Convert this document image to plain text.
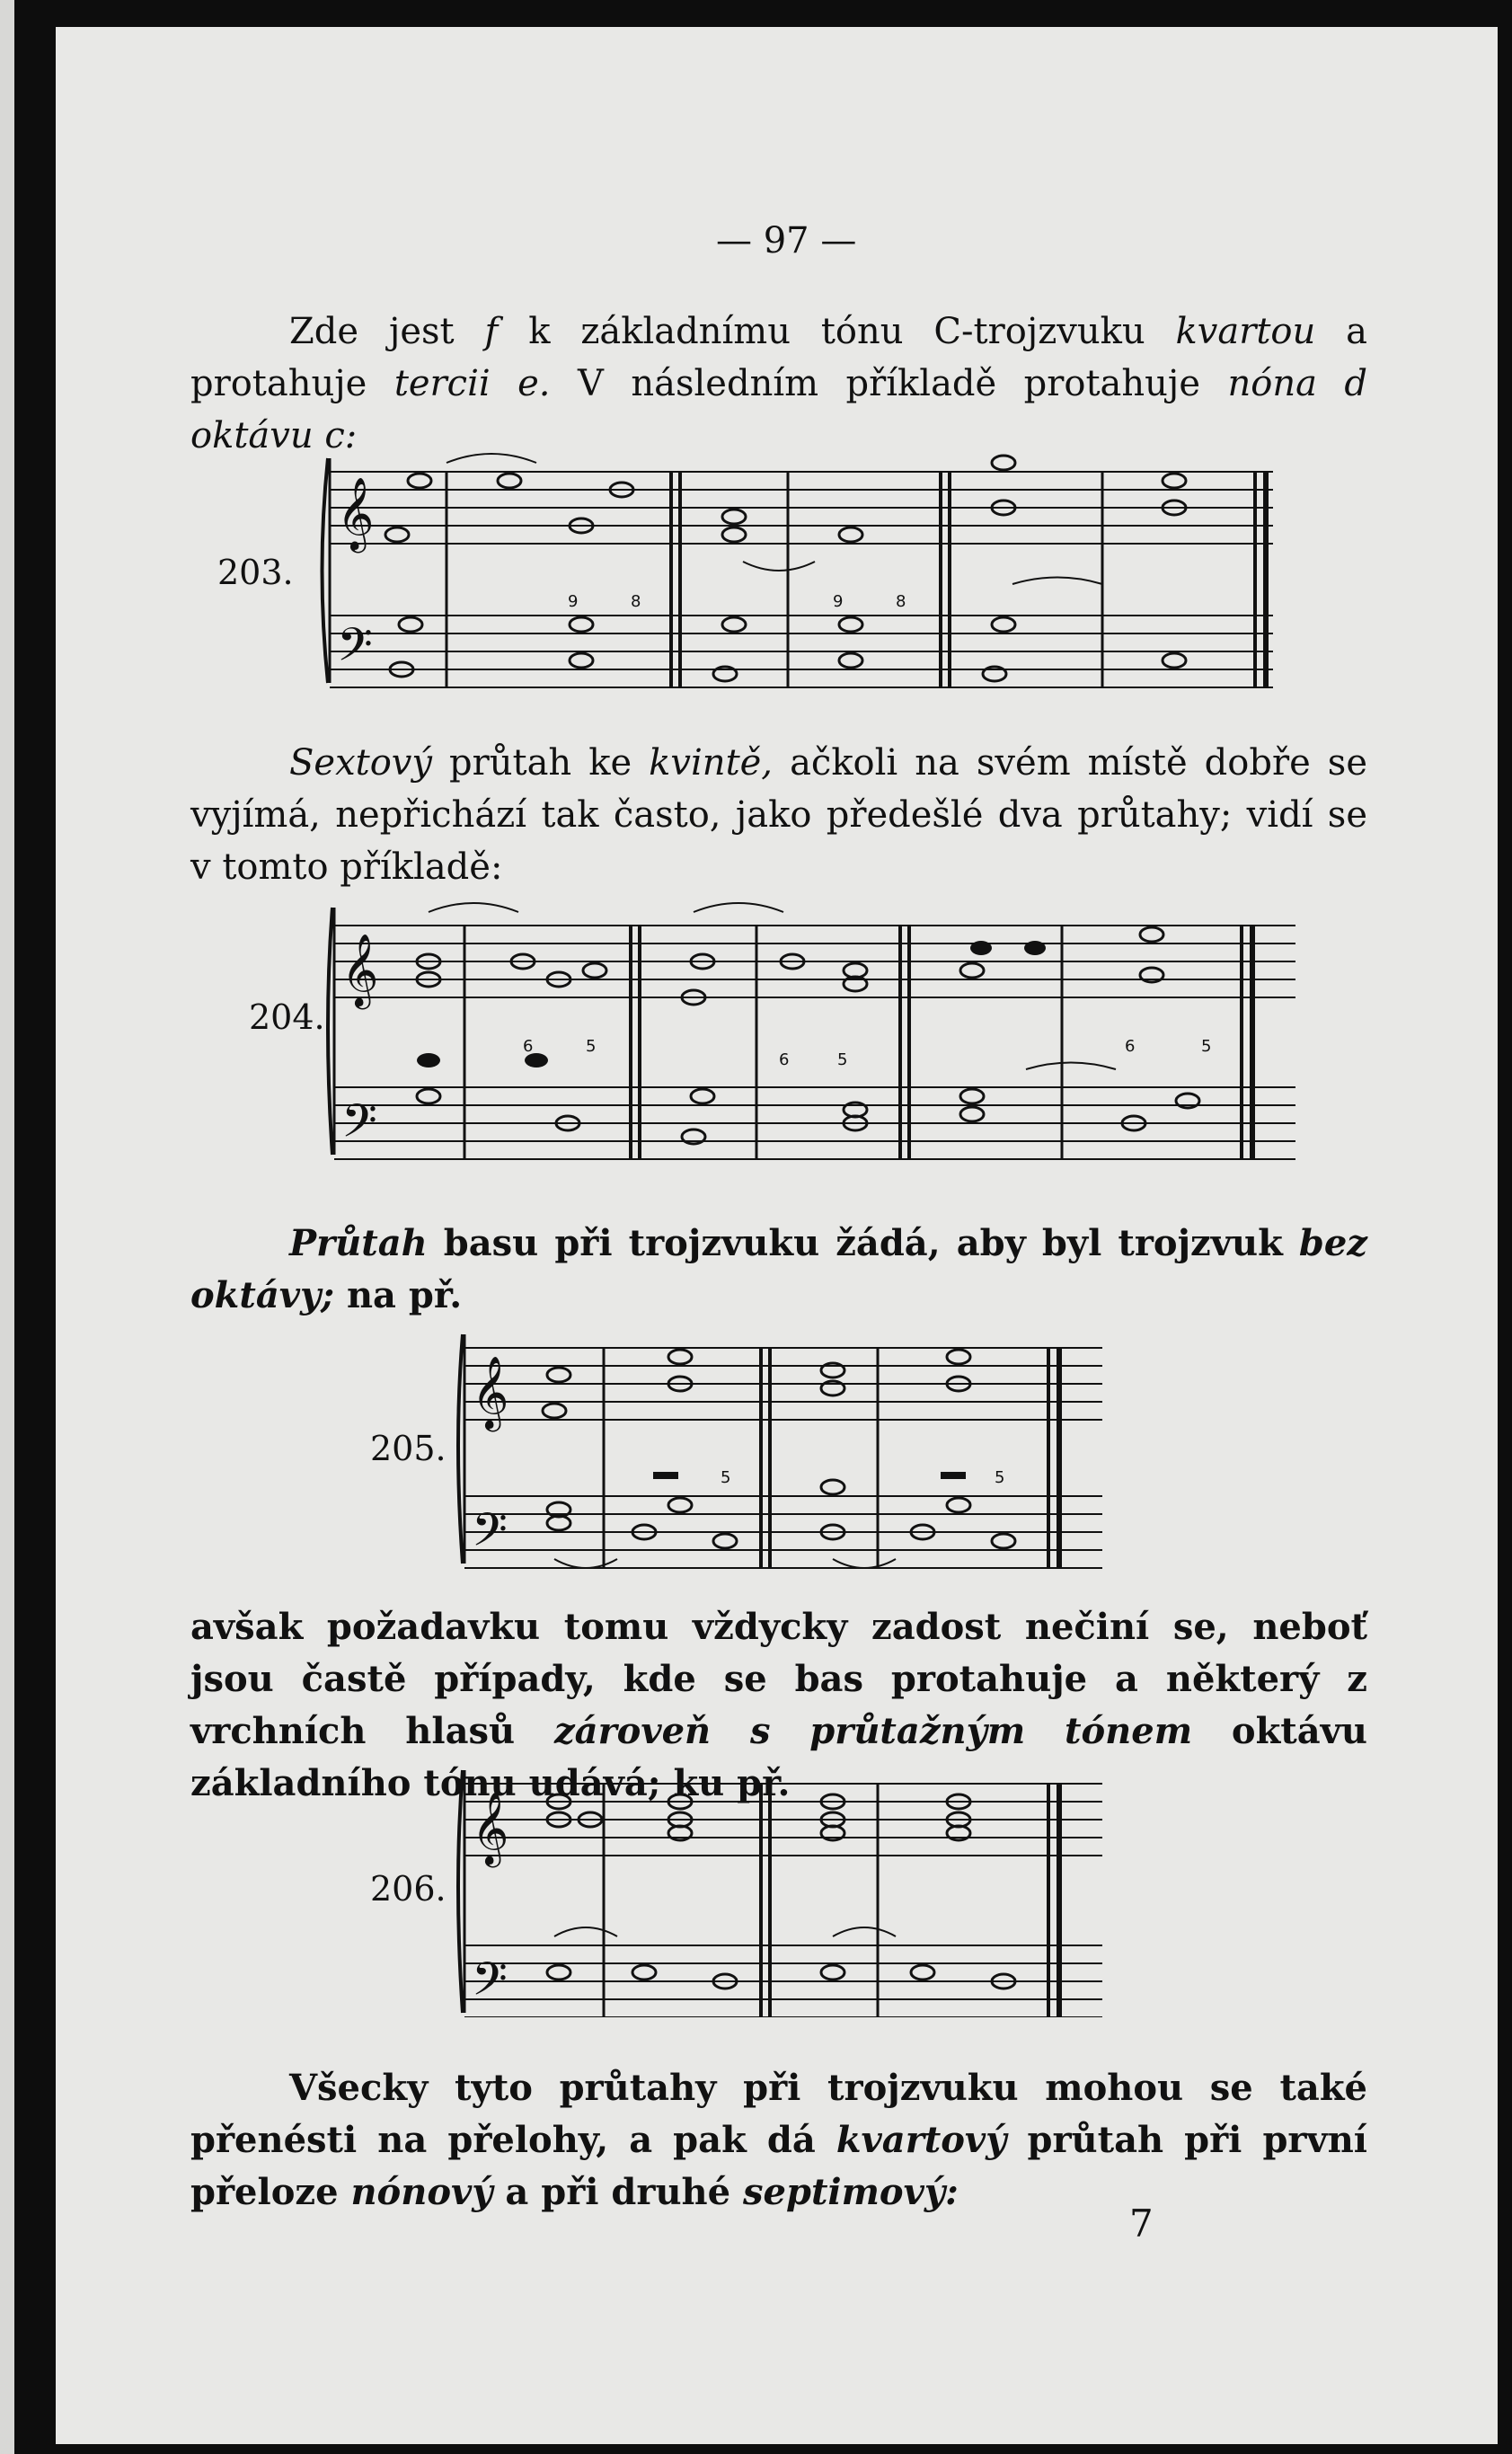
— 97 —
Zde jest f k základnímu tónu C-trojzvuku kvartou a protahuje tercii e. V následním příkladě protahuje nóna d oktávu c:
203.
𝄞
𝄢
9	8	9	8
Sextový průtah ke kvintě, ačkoli na svém místě dobře se vyjímá, nepřichází tak často, jako předešlé dva průtahy; vidí se v tomto příkladě:
204.
𝄞
𝄢
6	5
6	5
6	5
Průtah basu při trojzvuku žádá, aby byl trojzvuk bez oktávy; na př.
205.
𝄞
𝄢
5	5
avšak požadavku tomu vždycky zadost nečiní se, neboť jsou častě případy, kde se bas protahuje a některý z vrchních hlasů zároveň s průtažným tónem oktávu základního tónu udává; ku př.
206.
𝄞
𝄢
Všecky tyto průtahy při trojzvuku mohou se také přenésti na přelohy, a pak dá kvartový průtah při první přeloze nónový a při druhé septimový:
7
